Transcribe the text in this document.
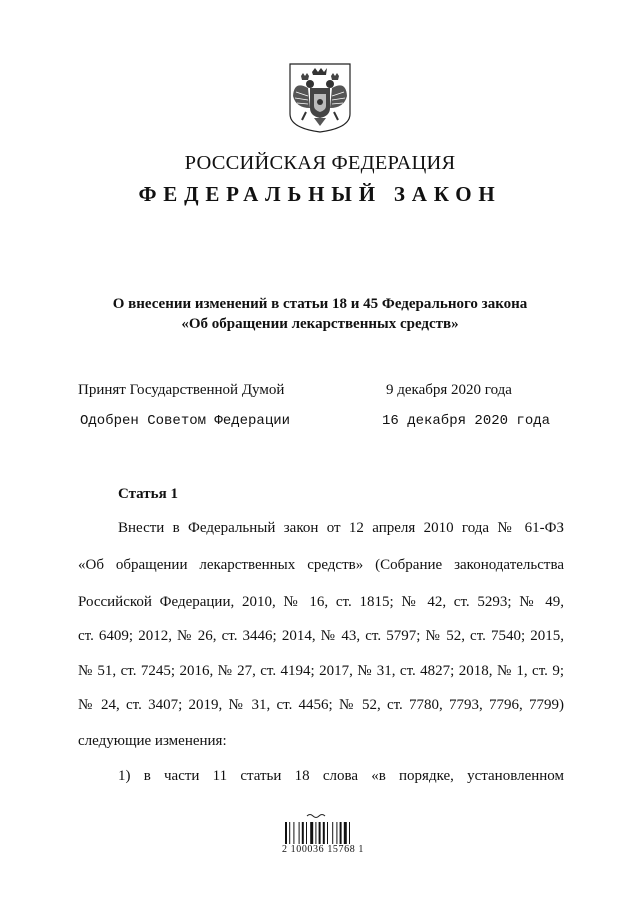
РОССИЙСКАЯ ФЕДЕРАЦИЯ
ФЕДЕРАЛЬНЫЙ ЗАКОН
О внесении изменений в статьи 18 и 45 Федерального закона
«Об обращении лекарственных средств»
Принят Государственной Думой	9 декабря 2020 года
Одобрен Советом Федерации	16 декабря 2020 года
Статья 1
Внести в Федеральный закон от 12 апреля 2010 года № 61-ФЗ
«Об обращении лекарственных средств» (Собрание законодательства
Российской Федерации, 2010, № 16, ст. 1815; № 42, ст. 5293; № 49,
ст. 6409; 2012, № 26, ст. 3446; 2014, № 43, ст. 5797; № 52, ст. 7540; 2015,
№ 51, ст. 7245; 2016, № 27, ст. 4194; 2017, № 31, ст. 4827; 2018, № 1, ст. 9;
№ 24, ст. 3407; 2019, № 31, ст. 4456; № 52, ст. 7780, 7793, 7796, 7799)
следующие изменения:
1) в части 11 статьи 18 слова «в порядке, установленном
2 100036 15768 1
